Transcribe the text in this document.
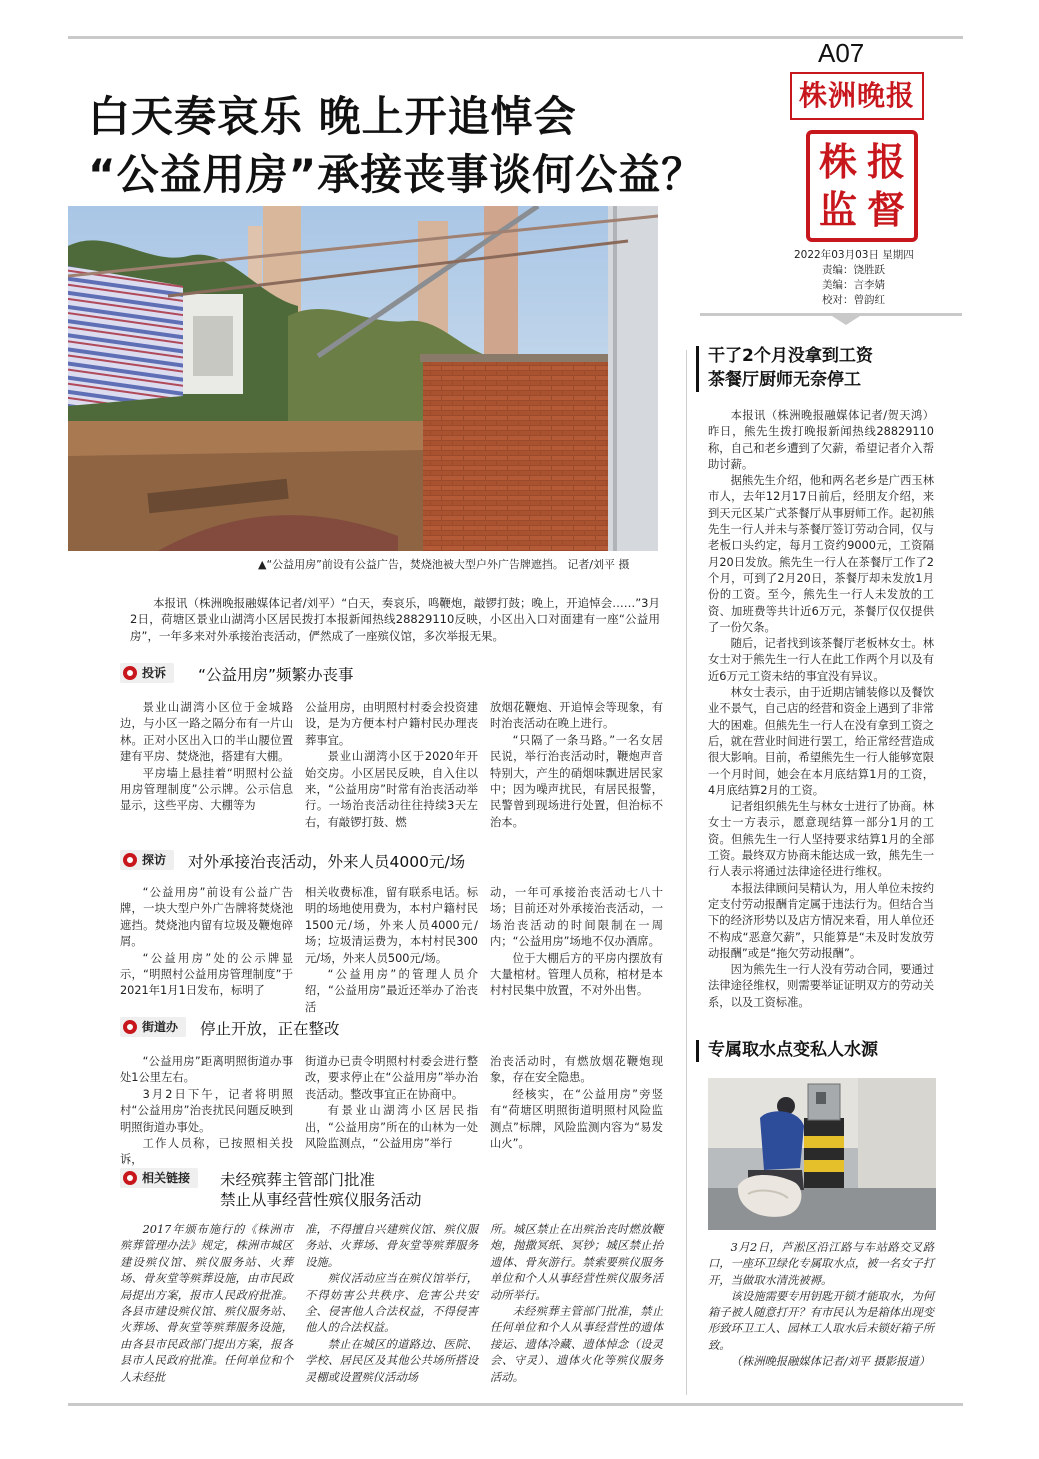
A07
株洲晚报
株 报
监 督
2022年03月03日 星期四
责编：饶胜跃
美编：言李婧
校对：曾韵红
白天奏哀乐 晚上开追悼会
“公益用房”承接丧事谈何公益？
▲“公益用房”前设有公益广告，焚烧池被大型户外广告牌遮挡。 记者/刘平 摄

本报讯（株洲晚报融媒体记者/刘平）“白天，奏哀乐，鸣鞭炮，敲锣打鼓；晚上，开追悼会……”3月2日，荷塘区景业山湖湾小区居民拨打本报新闻热线28829110反映，小区出入口对面建有一座“公益用房”，一年多来对外承接治丧活动，俨然成了一座殡仪馆，多次举报无果。

投诉	“公益用房”频繁办丧事

景业山湖湾小区位于金城路边，与小区一路之隔分布有一片山林。正对小区出入口的半山腰位置建有平房、焚烧池，搭建有大棚。

平房墙上悬挂着“明照村公益用房管理制度”公示牌。公示信息显示，这些平房、大棚等为

公益用房，由明照村村委会投资建设，是为方便本村户籍村民办理丧葬事宜。

景业山湖湾小区于2020年开始交房。小区居民反映，自入住以来，“公益用房”时常有治丧活动举行。一场治丧活动往往持续3天左右，有敲锣打鼓、燃

放烟花鞭炮、开追悼会等现象，有时治丧活动在晚上进行。

“只隔了一条马路。”一名女居民说，举行治丧活动时，鞭炮声音特别大，产生的硝烟味飘进居民家中；因为噪声扰民，有居民报警，民警曾到现场进行处置，但治标不治本。

探访	对外承接治丧活动，外来人员4000元/场

“公益用房”前设有公益广告牌，一块大型户外广告牌将焚烧池遮挡。焚烧池内留有垃圾及鞭炮碎屑。

“公益用房”处的公示牌显示，“明照村公益用房管理制度”于2021年1月1日发布，标明了

相关收费标准，留有联系电话。标明的场地使用费为，本村户籍村民1500元/场，外来人员4000元/场；垃圾清运费为，本村村民300元/场，外来人员500元/场。

“公益用房”的管理人员介绍，“公益用房”最近还举办了治丧活

动，一年可承接治丧活动七八十场；目前还对外承接治丧活动，一场治丧活动的时间限制在一周内；“公益用房”场地不仅办酒席。

位于大棚后方的平房内摆放有大量棺材。管理人员称，棺材是本村村民集中放置，不对外出售。

街道办	停止开放，正在整改

“公益用房”距离明照街道办事处1公里左右。

3月2日下午，记者将明照村“公益用房”治丧扰民问题反映到明照街道办事处。

工作人员称，已按照相关投诉，

街道办已责令明照村村委会进行整改，要求停止在“公益用房”举办治丧活动。整改事宜正在协商中。

有景业山湖湾小区居民指出，“公益用房”所在的山林为一处风险监测点，“公益用房”举行

治丧活动时，有燃放烟花鞭炮现象，存在安全隐患。

经核实，在“公益用房”旁竖有“荷塘区明照街道明照村风险监测点”标牌，风险监测内容为“易发山火”。

相关链接	未经殡葬主管部门批准
禁止从事经营性殡仪服务活动

2017年颁布施行的《株洲市殡葬管理办法》规定，株洲市城区建设殡仪馆、殡仪服务站、火葬场、骨灰堂等殡葬设施，由市民政局提出方案，报市人民政府批准。各县市建设殡仪馆、殡仪服务站、火葬场、骨灰堂等殡葬服务设施，由各县市民政部门提出方案，报各县市人民政府批准。任何单位和个人未经批

准，不得擅自兴建殡仪馆、殡仪服务站、火葬场、骨灰堂等殡葬服务设施。

殡仪活动应当在殡仪馆举行，不得妨害公共秩序、危害公共安全、侵害他人合法权益，不得侵害他人的合法权益。

禁止在城区的道路边、医院、学校、居民区及其他公共场所搭设灵棚或设置殡仪活动场

所。城区禁止在出殡治丧时燃放鞭炮，抛撒冥纸、冥钞；城区禁止抬遗体、骨灰游行。禁索要殡仪服务单位和个人从事经营性殡仪服务活动所举行。

未经殡葬主管部门批准，禁止任何单位和个人从事经营性的遗体接运、遗体冷藏、遗体悼念（设灵会、守灵）、遗体火化等殡仪服务活动。

干了2个月没拿到工资
茶餐厅厨师无奈停工

本报讯（株洲晚报融媒体记者/贺天鸿）昨日，熊先生拨打晚报新闻热线28829110称，自己和老乡遭到了欠薪，希望记者介入帮助讨薪。

据熊先生介绍，他和两名老乡是广西玉林市人，去年12月17日前后，经朋友介绍，来到天元区某广式茶餐厅从事厨师工作。起初熊先生一行人并未与茶餐厅签订劳动合同，仅与老板口头约定，每月工资约9000元，工资隔月20日发放。熊先生一行人在茶餐厅工作了2个月，可到了2月20日，茶餐厅却未发放1月份的工资。至今，熊先生一行人未发放的工资、加班费等共计近6万元，茶餐厅仅仅提供了一份欠条。

随后，记者找到该茶餐厅老板林女士。林女士对于熊先生一行人在此工作两个月以及有近6万元工资未结的事宜没有异议。

林女士表示，由于近期店铺装修以及餐饮业不景气，自己店的经营和资金上遇到了非常大的困难。但熊先生一行人在没有拿到工资之后，就在营业时间进行罢工，给正常经营造成很大影响。目前，希望熊先生一行人能够宽限一个月时间，她会在本月底结算1月的工资，4月底结算2月的工资。

记者组织熊先生与林女士进行了协商。林女士一方表示，愿意现结算一部分1月的工资。但熊先生一行人坚持要求结算1月的全部工资。最终双方协商未能达成一致，熊先生一行人表示将通过法律途径进行维权。

本报法律顾问吴精认为，用人单位未按约定支付劳动报酬肯定属于违法行为。但结合当下的经济形势以及店方情况来看，用人单位还不构成“恶意欠薪”，只能算是“未及时发放劳动报酬”或是“拖欠劳动报酬”。

因为熊先生一行人没有劳动合同，要通过法律途径维权，则需要举证证明双方的劳动关系，以及工资标准。

专属取水点变私人水源

3月2日，芦淞区沿江路与车站路交叉路口，一座环卫绿化专属取水点，被一名女子打开，当做取水清洗被褥。

该设施需要专用钥匙开锁才能取水，为何箱子被人随意打开？有市民认为是箱体出现变形致环卫工人、园林工人取水后未锁好箱子所致。

（株洲晚报融媒体记者/刘平 摄影报道）
